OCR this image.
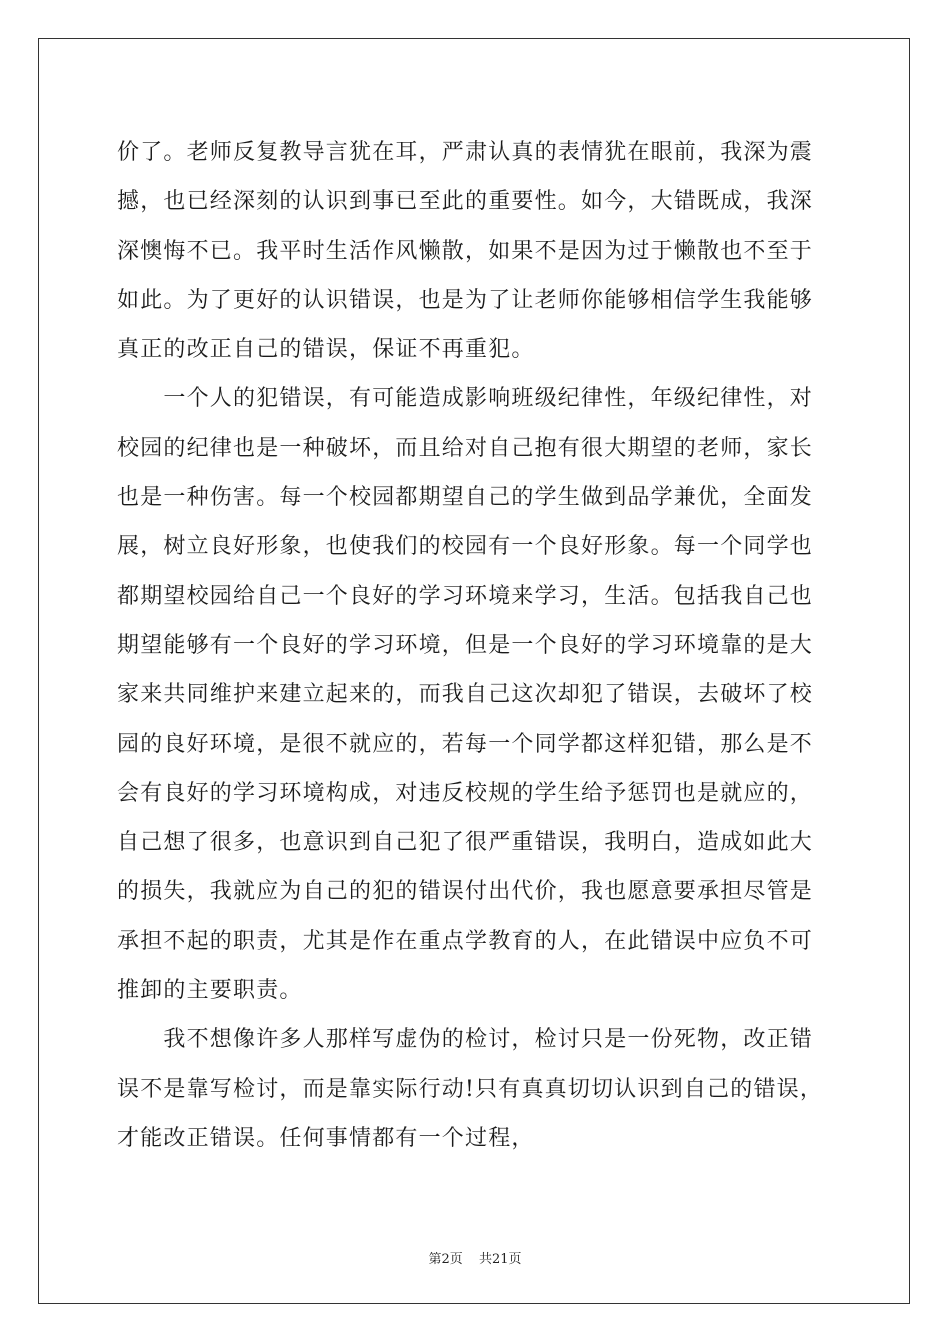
价了。老师反复教导言犹在耳，严肃认真的表情犹在眼前，我深为震
撼，也已经深刻的认识到事已至此的重要性。如今，大错既成，我深
深懊悔不已。我平时生活作风懒散，如果不是因为过于懒散也不至于
如此。为了更好的认识错误，也是为了让老师你能够相信学生我能够
真正的改正自己的错误，保证不再重犯。
　　一个人的犯错误，有可能造成影响班级纪律性，年级纪律性，对
校园的纪律也是一种破坏，而且给对自己抱有很大期望的老师，家长
也是一种伤害。每一个校园都期望自己的学生做到品学兼优，全面发
展，树立良好形象，也使我们的校园有一个良好形象。每一个同学也
都期望校园给自己一个良好的学习环境来学习，生活。包括我自己也
期望能够有一个良好的学习环境，但是一个良好的学习环境靠的是大
家来共同维护来建立起来的，而我自己这次却犯了错误，去破坏了校
园的良好环境，是很不就应的，若每一个同学都这样犯错，那么是不
会有良好的学习环境构成，对违反校规的学生给予惩罚也是就应的，
自己想了很多，也意识到自己犯了很严重错误，我明白，造成如此大
的损失，我就应为自己的犯的错误付出代价，我也愿意要承担尽管是
承担不起的职责，尤其是作在重点学教育的人，在此错误中应负不可
推卸的主要职责。
　　我不想像许多人那样写虚伪的检讨，检讨只是一份死物，改正错
误不是靠写检讨，而是靠实际行动!只有真真切切认识到自己的错误，
才能改正错误。任何事情都有一个过程，
第2页 共21页
